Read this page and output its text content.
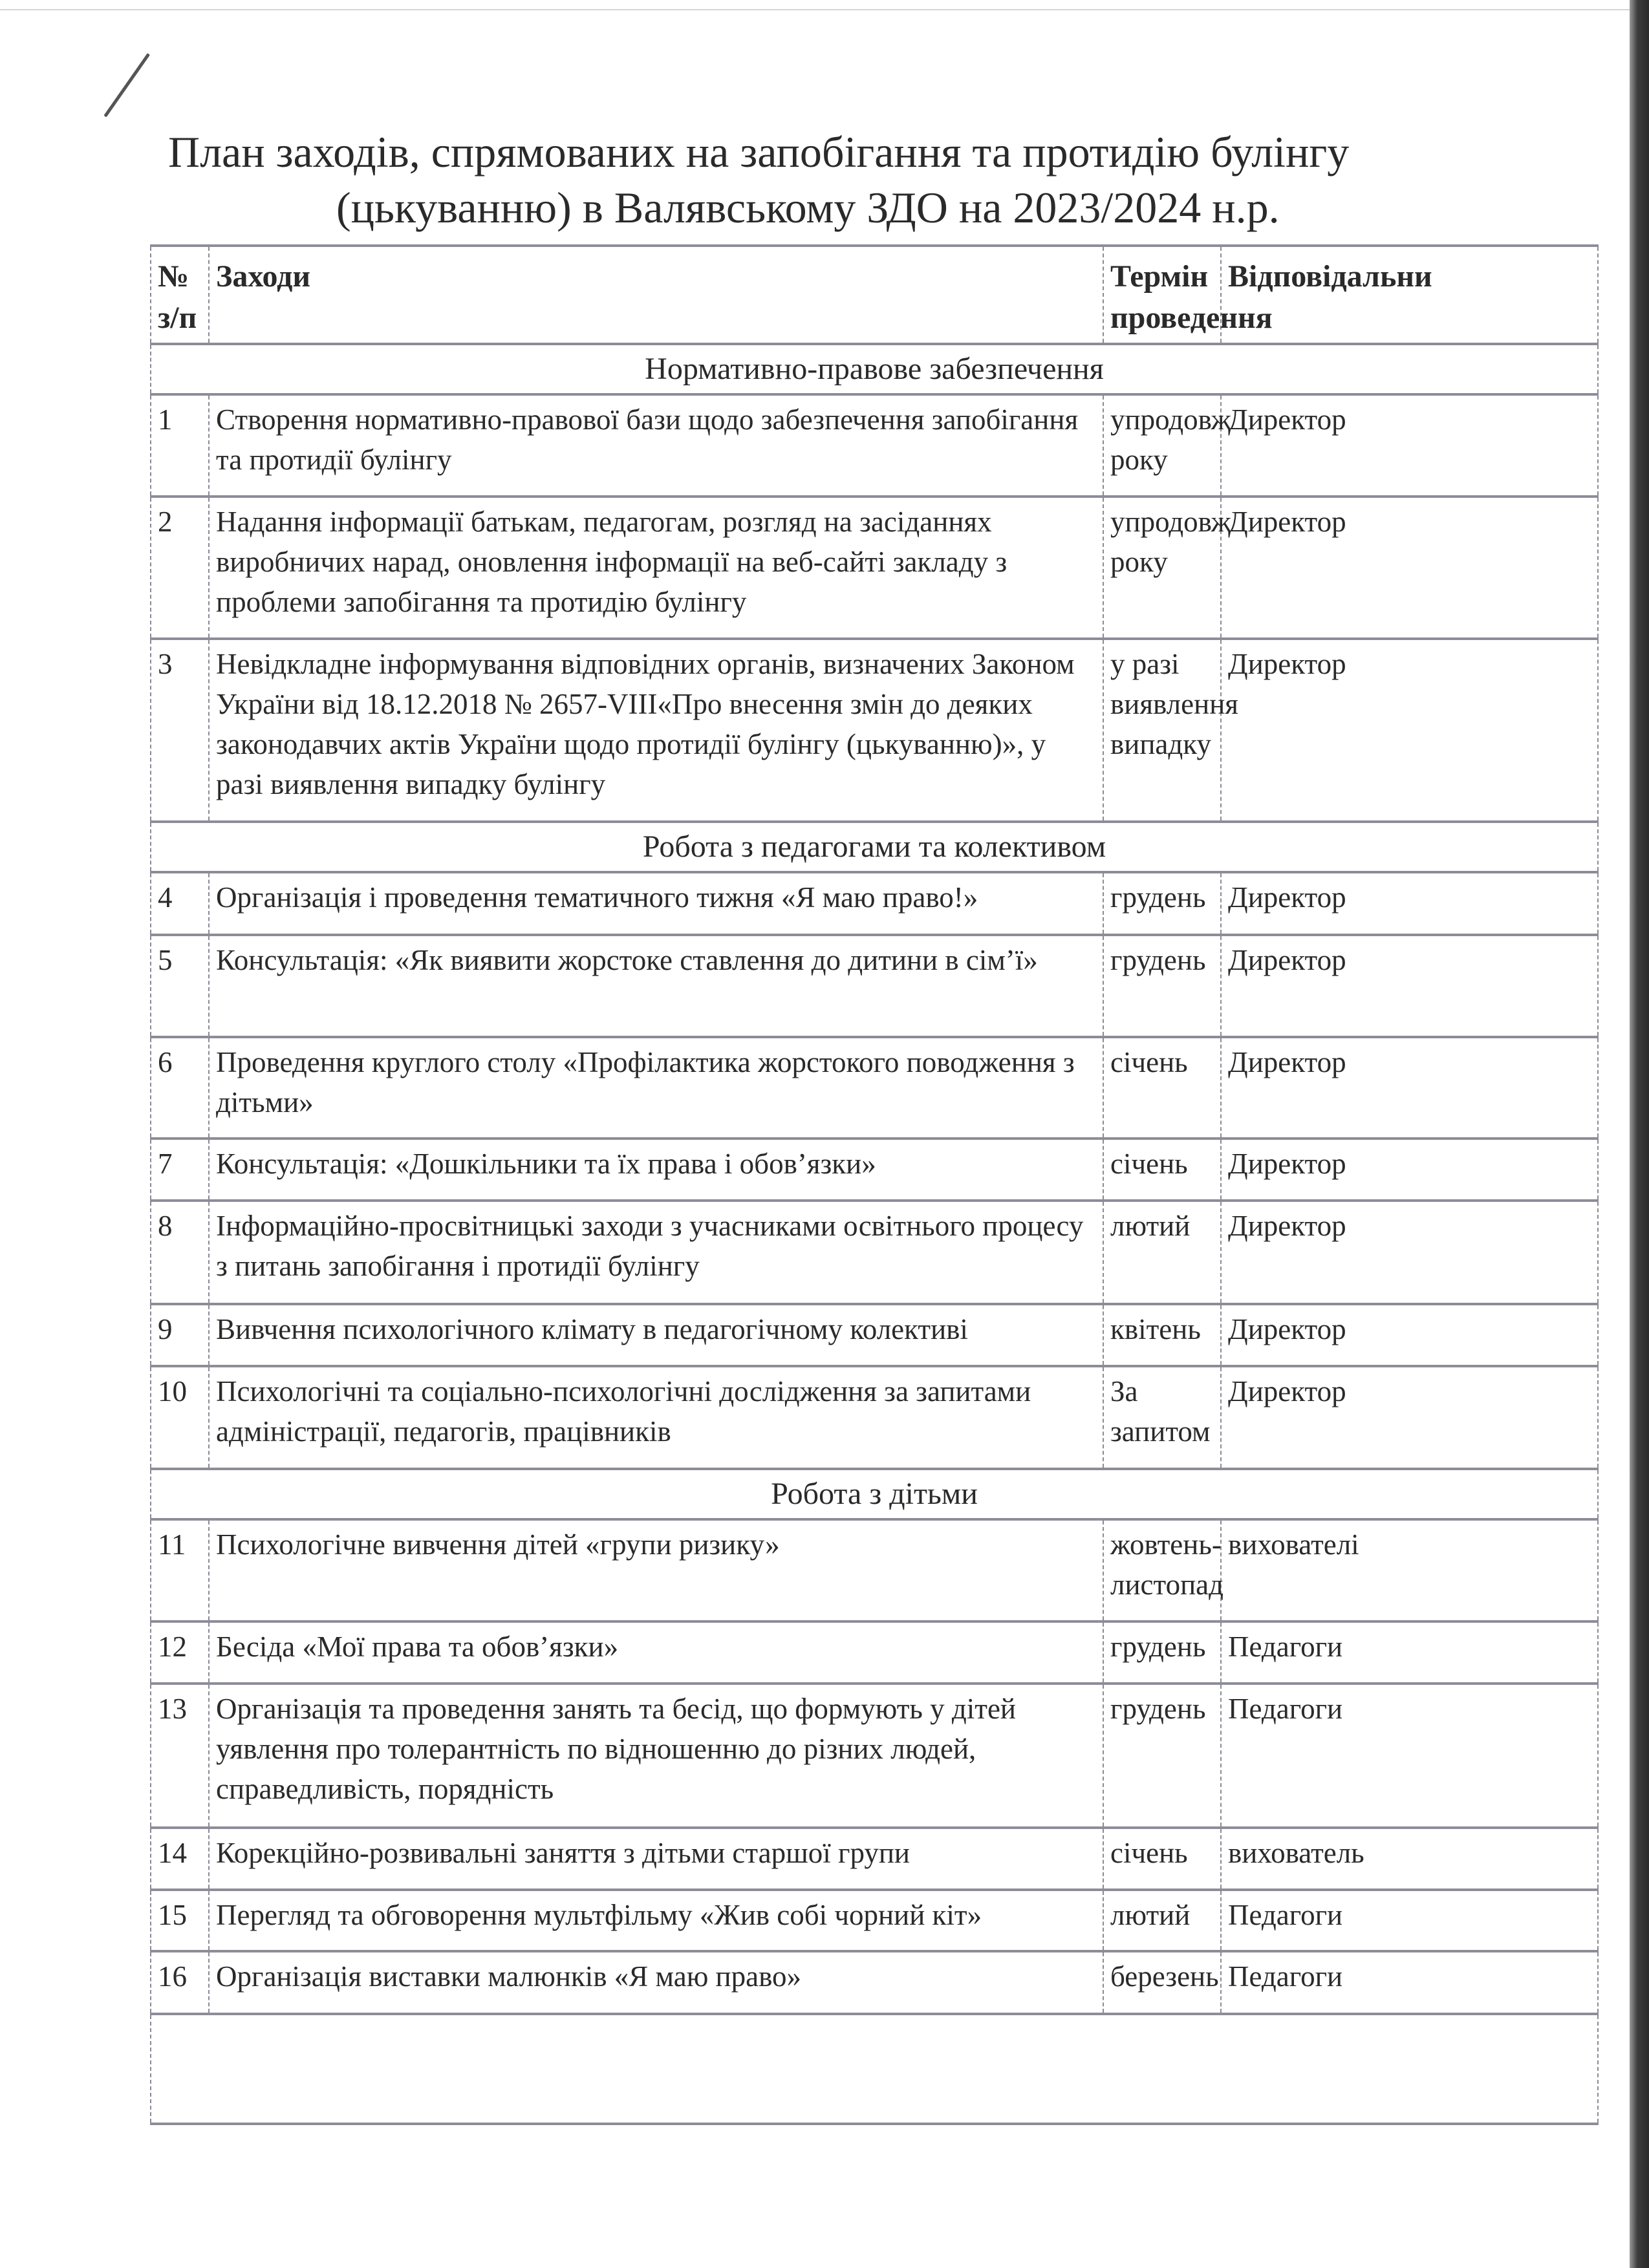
План заходів, спрямованих на запобігання та протидію булінгу
(цькуванню) в Валявському ЗДО на 2023/2024 н.р.
№ з/п	Заходи	Термін проведення	Відповідальни
Нормативно-правове забезпечення			
1	Створення нормативно-правової бази щодо забезпечення запобігання та протидії булінгу	упродовж року	Директор
2	Надання інформації батькам, педагогам, розгляд на засіданнях виробничих нарад, оновлення інформації на веб-сайті закладу з проблеми запобігання та протидію булінгу	упродовж року	Директор
3	Невідкладне інформування відповідних органів, визначених Законом України від 18.12.2018 № 2657-VIII«Про внесення змін до деяких законодавчих актів України щодо протидії булінгу (цькуванню)», у разі виявлення випадку булінгу	у разі виявлення випадку	Директор
Робота з педагогами та колективом			
4	Організація і проведення тематичного тижня «Я маю право!»	грудень	Директор
5	Консультація: «Як виявити жорстоке ставлення до дитини в сім’ї»	грудень	Директор
6	Проведення круглого столу «Профілактика жорстокого поводження з дітьми»	січень	Директор
7	Консультація: «Дошкільники та їх права і обов’язки»	січень	Директор
8	Інформаційно-просвітницькі заходи з учасниками освітнього процесу з питань запобігання і протидії булінгу	лютий	Директор
9	Вивчення психологічного клімату в педагогічному колективі	квітень	Директор
10	Психологічні та соціально-психологічні дослідження за запитами адміністрації, педагогів, працівників	За запитом	Директор
Робота з дітьми			
11	Психологічне вивчення дітей «групи ризику»	жовтень-листопад	вихователі
12	Бесіда «Мої права та обов’язки»	грудень	Педагоги
13	Організація та проведення занять та бесід, що формують у дітей уявлення про толерантність по відношенню до різних людей, справедливість, порядність	грудень	Педагоги
14	Корекційно-розвивальні заняття з дітьми старшої групи	січень	вихователь
15	Перегляд та обговорення мультфільму «Жив собі чорний кіт»	лютий	Педагоги
16	Організація виставки малюнків «Я маю право»	березень	Педагоги
